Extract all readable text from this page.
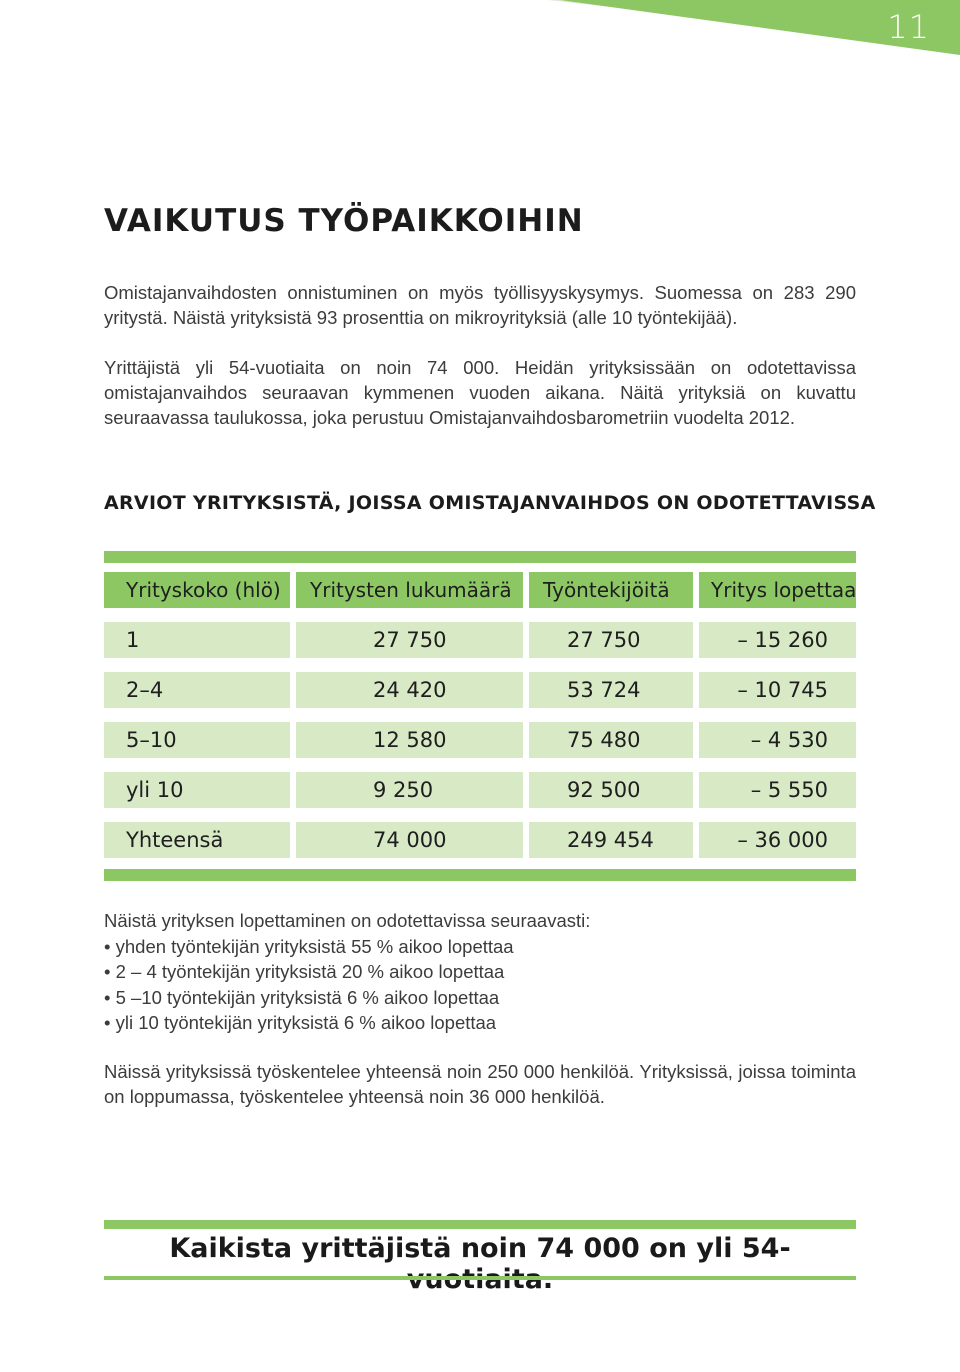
11
VAIKUTUS TYÖPAIKKOIHIN

Omistajanvaihdosten onnistuminen on myös työllisyyskysymys. Suomessa on 283 290 yritystä. Näistä yrityksistä 93 prosenttia on mikroyrityksiä (alle 10 työntekijää).

Yrittäjistä yli 54-vuotiaita on noin 74 000. Heidän yrityksissään on odotettavissa omistajanvaihdos seuraavan kymmenen vuoden aikana. Näitä yrityksiä on kuvattu seuraavassa taulukossa, joka perustuu Omistajanvaihdosbarometriin vuodelta 2012.

ARVIOT YRITYKSISTÄ, JOISSA OMISTAJANVAIHDOS ON ODOTETTAVISSA
Yrityskoko (hlö)	Yritysten lukumäärä	Työntekijöitä	Yritys lopettaa
1	27 750	27 750	– 15 260
2–4	24 420	53 724	– 10 745
5–10	12 580	75 480	– 4 530
yli 10	9 250	92 500	– 5 550
Yhteensä	74 000	249 454	– 36 000

Näistä yrityksen lopettaminen on odotettavissa seuraavasti:

• yhden työntekijän yrityksistä 55 % aikoo lopettaa
• 2 – 4 työntekijän yrityksistä 20 % aikoo lopettaa
• 5 –10 työntekijän yrityksistä 6 % aikoo lopettaa
• yli 10 työntekijän yrityksistä 6 % aikoo lopettaa

Näissä yrityksissä työskentelee yhteensä noin 250 000 henkilöä. Yrityksissä, joissa toiminta on loppumassa, työskentelee yhteensä noin 36 000 henkilöä.

Kaikista yrittäjistä noin 74 000 on yli 54-
